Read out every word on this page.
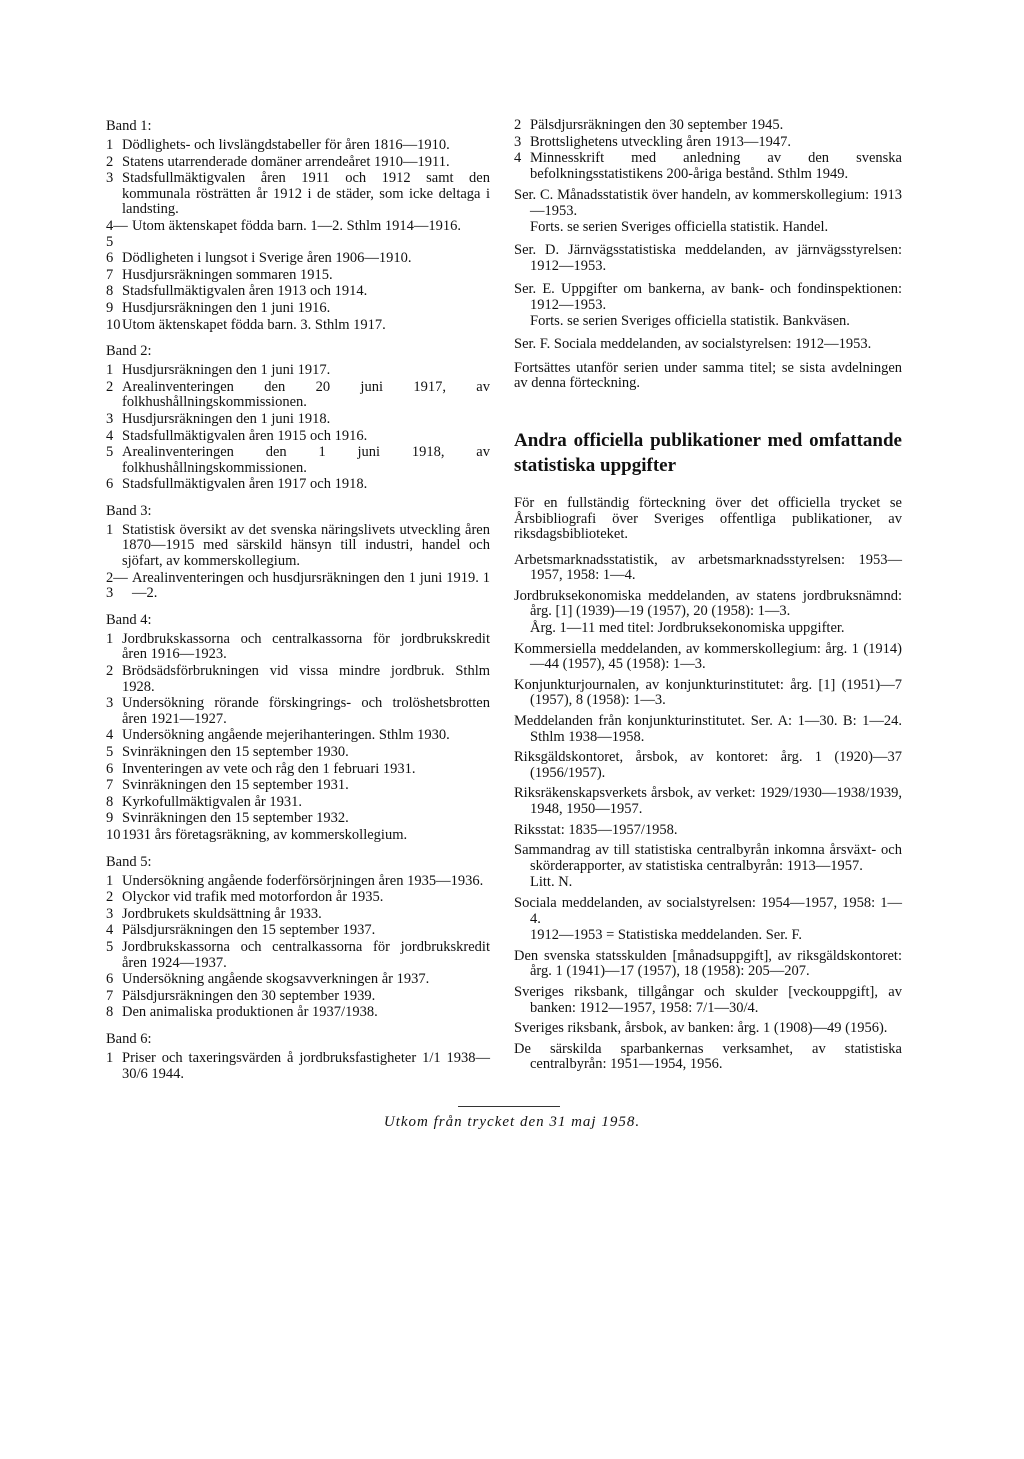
Band 1:
1 Dödlighets- och livslängdstabeller för åren 1816—1910.
2 Statens utarrenderade domäner arrendeåret 1910—1911.
3 Stadsfullmäktigvalen åren 1911 och 1912 samt den kommunala rösträtten år 1912 i de städer, som icke deltaga i landsting.
4—5
Utom äktenskapet födda barn. 1—2. Sthlm 1914—1916.
6 Dödligheten i lungsot i Sverige åren 1906—1910.
7 Husdjursräkningen sommaren 1915.
8 Stadsfullmäktigvalen åren 1913 och 1914.
9 Husdjursräkningen den 1 juni 1916.
10 Utom äktenskapet födda barn. 3. Sthlm 1917.
Band 2:
1 Husdjursräkningen den 1 juni 1917.
2 Arealinventeringen den 20 juni 1917, av folkhushållningskommissionen.
3 Husdjursräkningen den 1 juni 1918.
4 Stadsfullmäktigvalen åren 1915 och 1916.
5 Arealinventeringen den 1 juni 1918, av folkhushållningskommissionen.
6 Stadsfullmäktigvalen åren 1917 och 1918.
Band 3:
1 Statistisk översikt av det svenska näringslivets utveckling åren 1870—1915 med särskild hänsyn till industri, handel och sjöfart, av kommerskollegium.
2—3
Arealinventeringen och husdjursräkningen den 1 juni 1919. 1—2.
Band 4:
1 Jordbrukskassorna och centralkassorna för jordbrukskredit åren 1916—1923.
2 Brödsädsförbrukningen vid vissa mindre jordbruk. Sthlm 1928.
3 Undersökning rörande förskingrings- och trolöshetsbrotten åren 1921—1927.
4 Undersökning angående mejerihanteringen. Sthlm 1930.
5 Svinräkningen den 15 september 1930.
6 Inventeringen av vete och råg den 1 februari 1931.
7 Svinräkningen den 15 september 1931.
8 Kyrkofullmäktigvalen år 1931.
9 Svinräkningen den 15 september 1932.
10 1931 års företagsräkning, av kommerskollegium.
Band 5:
1 Undersökning angående foderförsörjningen åren 1935—1936.
2 Olyckor vid trafik med motorfordon år 1935.
3 Jordbrukets skuldsättning år 1933.
4 Pälsdjursräkningen den 15 september 1937.
5 Jordbrukskassorna och centralkassorna för jordbrukskredit åren 1924—1937.
6 Undersökning angående skogsavverkningen år 1937.
7 Pälsdjursräkningen den 30 september 1939.
8 Den animaliska produktionen år 1937/1938.
Band 6:
1 Priser och taxeringsvärden å jordbruksfastigheter 1/1 1938—30/6 1944.
2 Pälsdjursräkningen den 30 september 1945.
3 Brottslighetens utveckling åren 1913—1947.
4 Minnesskrift med anledning av den svenska befolkningsstatistikens 200-åriga bestånd. Sthlm 1949.
Ser. C. Månadsstatistik över handeln, av kommerskollegium: 1913—1953.
Forts. se serien Sveriges officiella statistik. Handel.
Ser. D. Järnvägsstatistiska meddelanden, av järnvägsstyrelsen: 1912—1953.
Ser. E. Uppgifter om bankerna, av bank- och fondinspektionen: 1912—1953.
Forts. se serien Sveriges officiella statistik. Bankväsen.
Ser. F. Sociala meddelanden, av socialstyrelsen: 1912—1953.

Fortsättes utanför serien under samma titel; se sista avdelningen av denna förteckning.

Andra officiella publikationer med omfattande statistiska uppgifter

För en fullständig förteckning över det officiella trycket se Årsbibliografi över Sveriges offentliga publikationer, av riksdagsbiblioteket.

Arbetsmarknadsstatistik, av arbetsmarknadsstyrelsen: 1953—1957, 1958: 1—4.
Jordbruksekonomiska meddelanden, av statens jordbruksnämnd: årg. [1] (1939)—19 (1957), 20 (1958): 1—3.
Årg. 1—11 med titel: Jordbruksekonomiska uppgifter.
Kommersiella meddelanden, av kommerskollegium: årg. 1 (1914)—44 (1957), 45 (1958): 1—3.
Konjunkturjournalen, av konjunkturinstitutet: årg. [1] (1951)—7 (1957), 8 (1958): 1—3.
Meddelanden från konjunkturinstitutet. Ser. A: 1—30. B: 1—24. Sthlm 1938—1958.
Riksgäldskontoret, årsbok, av kontoret: årg. 1 (1920)—37 (1956/1957).
Riksräkenskapsverkets årsbok, av verket: 1929/1930—1938/1939, 1948, 1950—1957.
Riksstat: 1835—1957/1958.
Sammandrag av till statistiska centralbyrån inkomna årsväxt- och skörderapporter, av statistiska centralbyrån: 1913—1957.
Litt. N.
Sociala meddelanden, av socialstyrelsen: 1954—1957, 1958: 1—4.
1912—1953 = Statistiska meddelanden. Ser. F.
Den svenska statsskulden [månadsuppgift], av riksgäldskontoret: årg. 1 (1941)—17 (1957), 18 (1958): 205—207.
Sveriges riksbank, tillgångar och skulder [veckouppgift], av banken: 1912—1957, 1958: 7/1—30/4.
Sveriges riksbank, årsbok, av banken: årg. 1 (1908)—49 (1956).
De särskilda sparbankernas verksamhet, av statistiska centralbyrån: 1951—1954, 1956.
Utkom från trycket den 31 maj 1958.
